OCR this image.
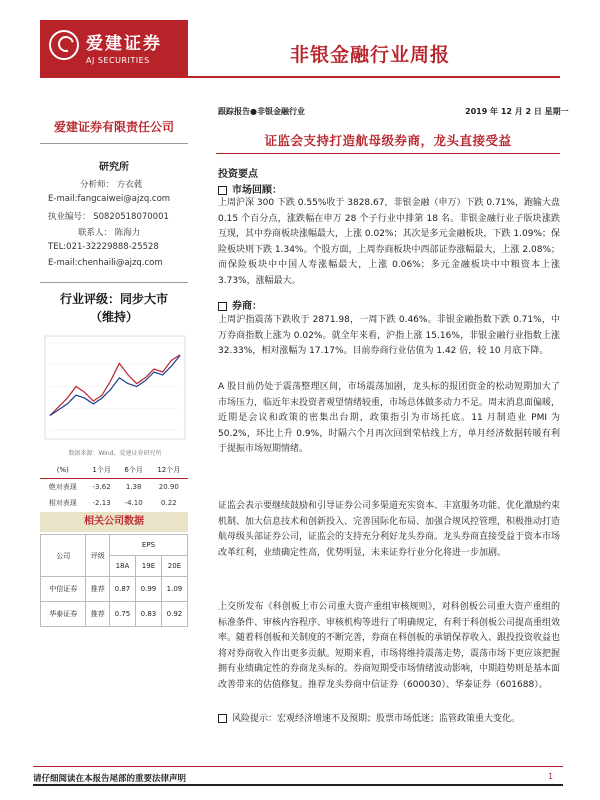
爱建证券
AJ SECURITIES	非银金融行业周报
爱建证券有限责任公司
研究所
分析师： 方衣蕤
E-mail:fangcaiwei@ajzq.com
执业编号： S0820518070001
联系人： 陈海力
TEL:021-32229888-25528
E-mail:chenhaili@ajzq.com
行业评级：同步大市
（维持）
数据来源：Wind，爱建证券研究所
(%)	1个月	6个月	12个月
绝对表现	-3.62	1.38	20.90
相对表现	-2.13	-4.10	0.22
相关公司数据
公司	评级	EPS		
		18A	19E	20E
中信证券	推荐	0.87	0.99	1.09
华泰证券	推荐	0.75	0.83	0.92
跟踪报告●非银金融行业	2019 年 12 月 2 日 星期一
证监会支持打造航母级券商，龙头直接受益
投资要点
市场回顾：
上周沪深 300 下跌 0.55%收于 3828.67，非银金融（申万）下跌 0.71%，跑输大盘 0.15 个百分点，涨跌幅在申万 28 个子行业中排第 18 名。非银金融行业子版块涨跌互现，其中券商板块涨幅最大，上涨 0.02%；其次是多元金融板块，下跌 1.09%；保险板块则下跌 1.34%。个股方面，上周券商板块中西部证券涨幅最大，上涨 2.08%；而保险板块中中国人寿涨幅最大，上涨 0.06%；多元金融板块中中粮资本上涨 3.73%，涨幅最大。
券商：
上周沪指震荡下跌收于 2871.98，一周下跌 0.46%。非银金融指数下跌 0.71%，中万券商指数上涨为 0.02%。就全年来看，沪指上涨 15.16%，非银金融行业指数上涨 32.33%，相对涨幅为 17.17%。目前券商行业估值为 1.42 倍，较 10 月底下降。
A 股目前仍处于震荡整理区间，市场震荡加剧，龙头标的报团资金的松动短期加大了市场压力，临近年末投资者观望情绪较重，市场总体做多动力不足。周末消息面偏暖，近期是会议和政策的密集出台期，政策指引为市场托底。11 月制造业 PMI 为 50.2%，环比上升 0.9%，时隔六个月再次回到荣枯线上方，单月经济数据转暖有利于提振市场短期情绪。
证监会表示要继续鼓励和引导证券公司多渠道充实资本、丰富服务功能、优化激励约束机制、加大信息技术和创新投入、完善国际化布局、加强合规风控管理，积极推动打造航母级头部证券公司，证监会的支持充分利好龙头券商。龙头券商直接受益于资本市场改革红利，业绩确定性高，优势明显，未来证券行业分化将进一步加剧。
上交所发布《科创板上市公司重大资产重组审核规则》，对科创板公司重大资产重组的标准条件、审核内容程序、审核机构等进行了明确规定，有利于科创板公司提高重组效率。随着科创板和关制度的不断完善，券商在科创板的承销保荐收入、跟投投资收益也将对券商收入作出更多贡献。短期来看，市场将维持震荡走势，震荡市场下更应该把握拥有业绩确定性的券商龙头标的。券商短期受市场情绪波动影响，中期趋势则是基本面改善带来的估值修复。推荐龙头券商中信证券（600030）、华泰证券（601688）。
风险提示：宏观经济增速不及预期；股票市场低迷；监管政策重大变化。
请仔细阅读在本报告尾部的重要法律声明	1
